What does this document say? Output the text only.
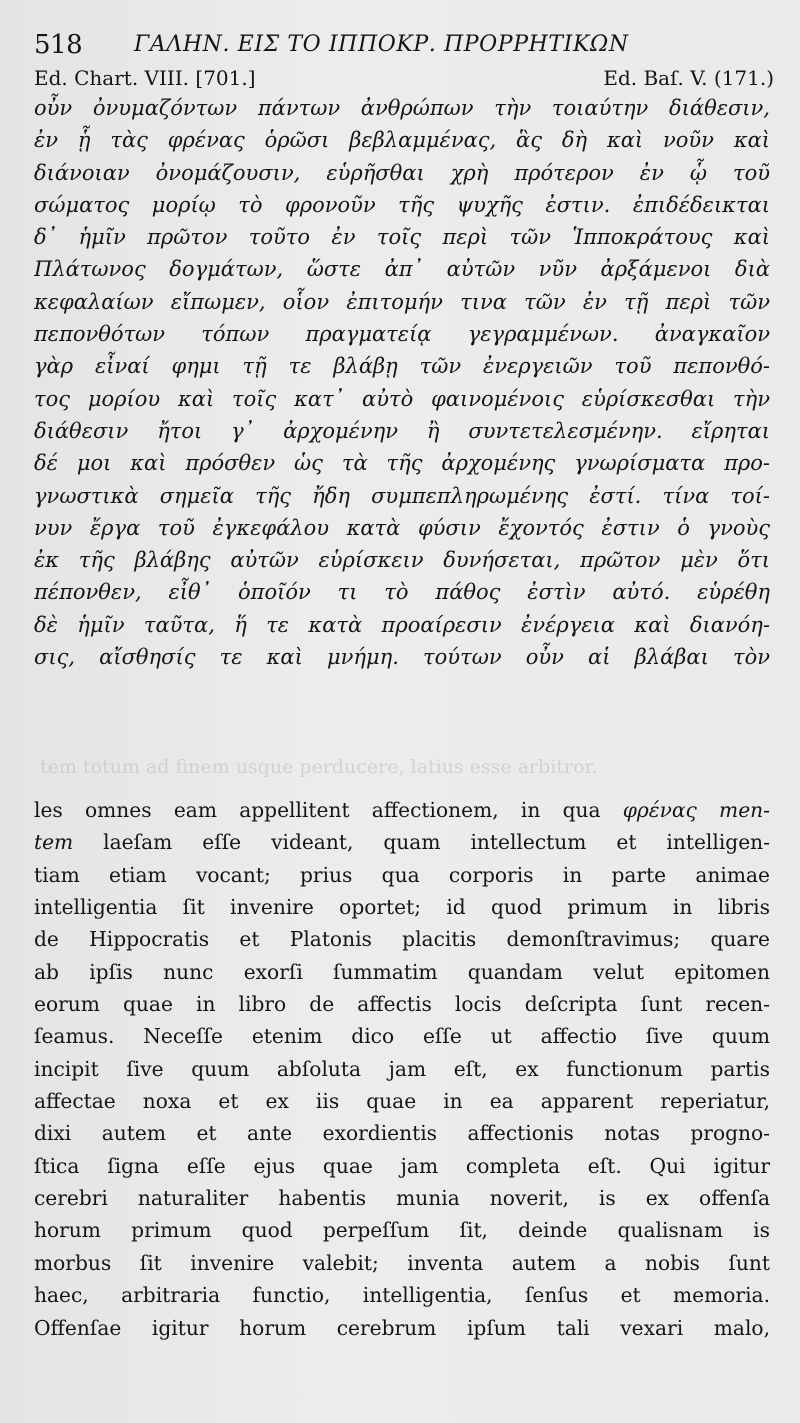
518 ΓΑΛΗΝ. ΕΙΣ ΤΟ ΙΠΠΟΚΡ. ΠΡΟΡΡΗΤΙΚΩΝ
Ed. Chart. VIII. [701.]	Ed. Baſ. V. (171.)
οὖν ὀνυμαζόντων πάντων ἀνθρώπων τὴν τοιαύτην διάθεσιν,
ἐν ᾗ τὰς φρένας ὁρῶσι βεβλαμμένας, ἃς δὴ καὶ νοῦν καὶ
διάνοιαν ὀνομάζουσιν, εὑρῆσθαι χρὴ πρότερον ἐν ᾧ τοῦ
σώματος μορίῳ τὸ φρονοῦν τῆς ψυχῆς ἐστιν. ἐπιδέδεικται
δ᾽ ἡμῖν πρῶτον τοῦτο ἐν τοῖς περὶ τῶν Ἱπποκράτους καὶ
Πλάτωνος δογμάτων, ὥστε ἀπ᾽ αὐτῶν νῦν ἀρξάμενοι διὰ
κεφαλαίων εἴπωμεν, οἷον ἐπιτομήν τινα τῶν ἐν τῇ περὶ τῶν
πεπονθότων τόπων πραγματείᾳ γεγραμμένων. ἀναγκαῖον
γὰρ εἶναί φημι τῇ τε βλάβῃ τῶν ἐνεργειῶν τοῦ πεπονθό-
τος μορίου καὶ τοῖς κατ᾽ αὐτὸ φαινομένοις εὑρίσκεσθαι τὴν
διάθεσιν ἤτοι γ᾽ ἀρχομένην ἢ συντετελεσμένην. εἴρηται
δέ μοι καὶ πρόσθεν ὡς τὰ τῆς ἀρχομένης γνωρίσματα προ-
γνωστικὰ σημεῖα τῆς ἤδη συμπεπληρωμένης ἐστί. τίνα τοί-
νυν ἔργα τοῦ ἐγκεφάλου κατὰ φύσιν ἔχοντός ἐστιν ὁ γνοὺς
ἐκ τῆς βλάβης αὐτῶν εὑρίσκειν δυνήσεται, πρῶτον μὲν ὅτι
πέπονθεν, εἶθ᾽ ὁποῖόν τι τὸ πάθος ἐστὶν αὐτό. εὑρέθη
δὲ ἡμῖν ταῦτα, ἥ τε κατὰ προαίρεσιν ἐνέργεια καὶ διανόη-
σις, αἴσθησίς τε καὶ μνήμη. τούτων οὖν αἱ βλάβαι τὸν
tem totum ad finem usque perducere, latius esse arbitror.
les omnes eam appellitent affectionem, in qua φρένας men-
tem laeſam eſſe videant, quam intellectum et intelligen-
tiam etiam vocant; prius qua corporis in parte animae
intelligentia ſit invenire oportet; id quod primum in libris
de Hippocratis et Platonis placitis demonſtravimus; quare
ab ipſis nunc exorſi ſummatim quandam velut epitomen
eorum quae in libro de affectis locis deſcripta ſunt recen-
ſeamus. Neceſſe etenim dico eſſe ut affectio ſive quum
incipit ſive quum abſoluta jam eſt, ex functionum partis
affectae noxa et ex iis quae in ea apparent reperiatur,
dixi autem et ante exordientis affectionis notas progno-
ſtica ſigna eſſe ejus quae jam completa eſt. Qui igitur
cerebri naturaliter habentis munia noverit, is ex offenſa
horum primum quod perpeſſum ſit, deinde qualisnam is
morbus ſit invenire valebit; inventa autem a nobis ſunt
haec, arbitraria functio, intelligentia, ſenſus et memoria.
Offenſae igitur horum cerebrum ipſum tali vexari malo,
